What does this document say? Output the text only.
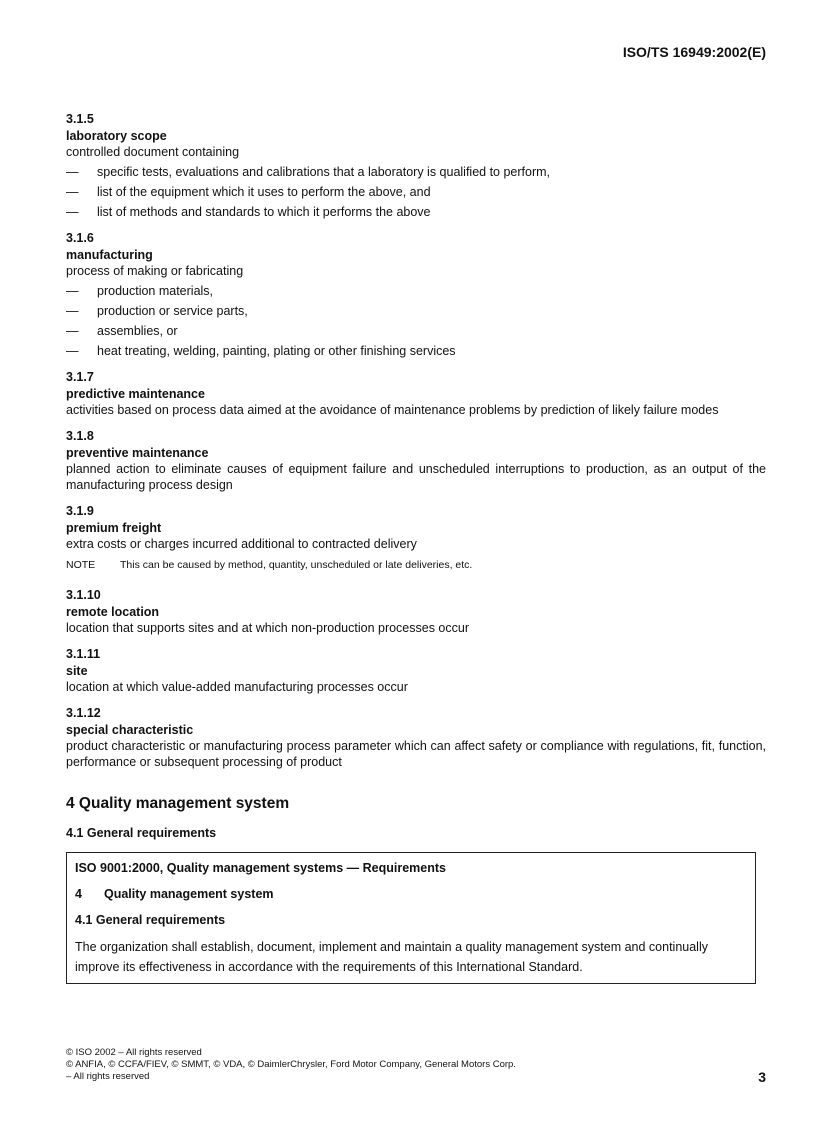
ISO/TS 16949:2002(E)
3.1.5
laboratory scope
controlled document containing
—	specific tests, evaluations and calibrations that a laboratory is qualified to perform,
—	list of the equipment which it uses to perform the above, and
—	list of methods and standards to which it performs the above
3.1.6
manufacturing
process of making or fabricating
—	production materials,
—	production or service parts,
—	assemblies, or
—	heat treating, welding, painting, plating or other finishing services
3.1.7
predictive maintenance
activities based on process data aimed at the avoidance of maintenance problems by prediction of likely failure modes
3.1.8
preventive maintenance
planned action to eliminate causes of equipment failure and unscheduled interruptions to production, as an output of the manufacturing process design
3.1.9
premium freight
extra costs or charges incurred additional to contracted delivery
NOTE	This can be caused by method, quantity, unscheduled or late deliveries, etc.
3.1.10
remote location
location that supports sites and at which non-production processes occur
3.1.11
site
location at which value-added manufacturing processes occur
3.1.12
special characteristic
product characteristic or manufacturing process parameter which can affect safety or compliance with regulations, fit, function, performance or subsequent processing of product
4 Quality management system
4.1 General requirements
ISO 9001:2000, Quality management systems — Requirements
4	Quality management system
4.1 General requirements
The organization shall establish, document, implement and maintain a quality management system and continually improve its effectiveness in accordance with the requirements of this International Standard.
© ISO 2002 – All rights reserved
© ANFIA, © CCFA/FIEV, © SMMT, © VDA, © DaimlerChrysler, Ford Motor Company, General Motors Corp.
– All rights reserved	3
